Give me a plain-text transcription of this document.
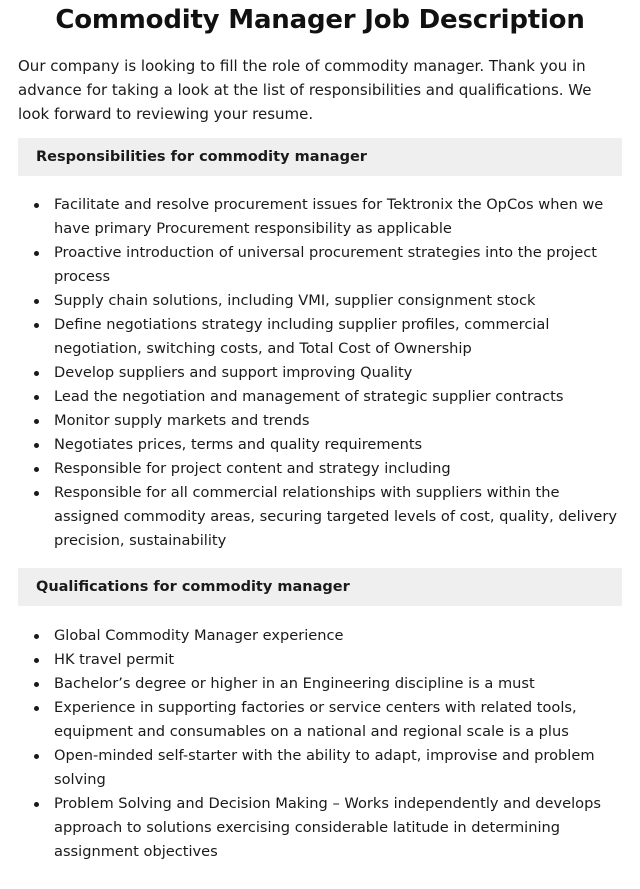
Commodity Manager Job Description
Our company is looking to fill the role of commodity manager. Thank you in advance for taking a look at the list of responsibilities and qualifications. We look forward to reviewing your resume.
Responsibilities for commodity manager
Facilitate and resolve procurement issues for Tektronix the OpCos when we have primary Procurement responsibility as applicable
Proactive introduction of universal procurement strategies into the project process
Supply chain solutions, including VMI, supplier consignment stock
Define negotiations strategy including supplier profiles, commercial negotiation, switching costs, and Total Cost of Ownership
Develop suppliers and support improving Quality
Lead the negotiation and management of strategic supplier contracts
Monitor supply markets and trends
Negotiates prices, terms and quality requirements
Responsible for project content and strategy including
Responsible for all commercial relationships with suppliers within the assigned commodity areas, securing targeted levels of cost, quality, delivery precision, sustainability
Qualifications for commodity manager
Global Commodity Manager experience
HK travel permit
Bachelor’s degree or higher in an Engineering discipline is a must
Experience in supporting factories or service centers with related tools, equipment and consumables on a national and regional scale is a plus
Open-minded self-starter with the ability to adapt, improvise and problem solving
Problem Solving and Decision Making – Works independently and develops approach to solutions exercising considerable latitude in determining assignment objectives
